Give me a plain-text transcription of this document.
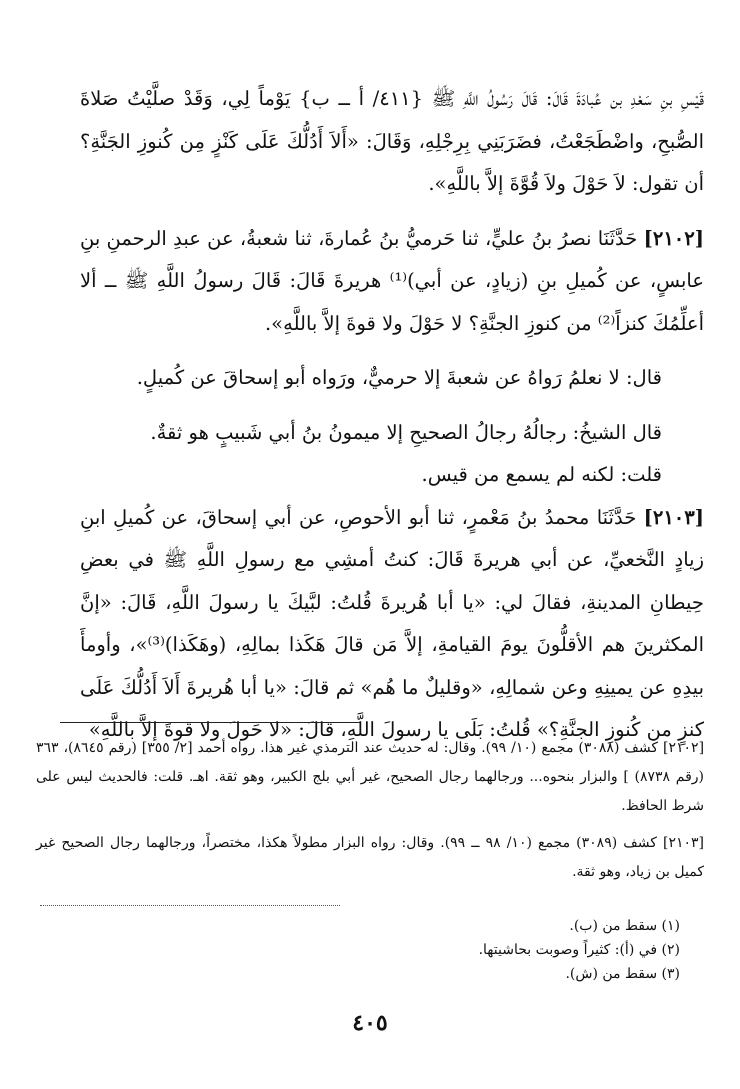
قَيْسِ بنِ سَعْدِ بن عُبادَةَ قَالَ: قَالَ رَسُولُ اللَّهِ ﷺ {٤١١/ أ ــ ب} يَوْماً لِي، وَقَدْ صلَّيْتُ صَلاةَ الصُّبحِ، واضْطَجَعْتُ، فضَرَبَنِي بِرِجْلِهِ، وَقَالَ: «أَلاَ أَدُلُّكَ عَلَى كَنْزٍ مِن كُنوزِ الجَنَّةِ؟ أن تقول: لاَ حَوْلَ ولاَ قُوَّةَ إلاَّ باللَّهِ».

[٢١٠٢] حَدَّثَنَا نصرُ بنُ عليٍّ، ثنا حَرميُّ بنُ عُمارةَ، ثنا شعبةُ، عن عبدِ الرحمنِ بنِ عابسٍ، عن كُميلِ بنِ (زيادٍ، عن أبي)⁽¹⁾ هريرةَ قَالَ: قَالَ رسولُ اللَّهِ ﷺ ــ ألا أعلِّمُكَ كنزاً⁽²⁾ من كنوزِ الجنَّةِ؟ لا حَوْلَ ولا قوةَ إلاَّ باللَّهِ».

قال: لا نعلمُ رَواهُ عن شعبةَ إلا حرميٌّ، ورَواه أبو إسحاقَ عن كُميلٍ.

قال الشيخُ: رجالُهُ رجالُ الصحيحِ إلا ميمونُ بنُ أبي شَبيبٍ هو ثقةٌ.

قلت: لكنه لم يسمع من قيس.

[٢١٠٣] حَدَّثَنَا محمدُ بنُ مَعْمرٍ، ثنا أبو الأحوصِ، عن أبي إسحاقَ، عن كُميلِ ابنِ زيادٍ النَّخعيِّ، عن أبي هريرةَ قَالَ: كنتُ أمشِي مع رسولِ اللَّهِ ﷺ في بعضِ حِيطانِ المدينةِ، فقالَ لي: «يا أبا هُريرةَ قُلتُ: لبَّيكَ يا رسولَ اللَّهِ، قَالَ: «إنَّ المكثرينَ هم الأقلُّونَ يومَ القيامةِ، إلاَّ مَن قالَ هَكَذا بمالِهِ، (وهَكَذا)⁽³⁾»، وأومأَ بيدِهِ عن يمينِهِ وعن شمالِهِ، «وقليلٌ ما هُم» ثم قالَ: «يا أبا هُريرةَ أَلاَ أَدُلُّكَ عَلَى كنزٍ من كُنوزِ الجنَّةِ؟» قُلتُ: بَلَى يا رسولَ اللَّهِ، قالَ: «لا حَولَ ولا قوةَ إلاَّ باللَّهِ»

[٢١٠٢] كشف (٣٠٨٨) مجمع (١٠/ ٩٩). وقال: له حديث عند الترمذي غير هذا. رواه أحمد [٢/ ٣٥٥] (رقم ٨٦٤٥)، ٣٦٣ (رقم ٨٧٣٨) ] والبزار بنحوه... ورجالهما رجال الصحيح، غير أبي بلج الكبير، وهو ثقة. اهـ. قلت: فالحديث ليس على شرط الحافظ.

[٢١٠٣] كشف (٣٠٨٩) مجمع (١٠/ ٩٨ ــ ٩٩). وقال: رواه البزار مطولاً هكذا، مختصراً، ورجالهما رجال الصحيح غير كميل بن زياد، وهو ثقة.

(١) سقط من (ب).

(٢) في (أ): كثيراً وصوبت بحاشيتها.

(٣) سقط من (ش).

٤٠٥
